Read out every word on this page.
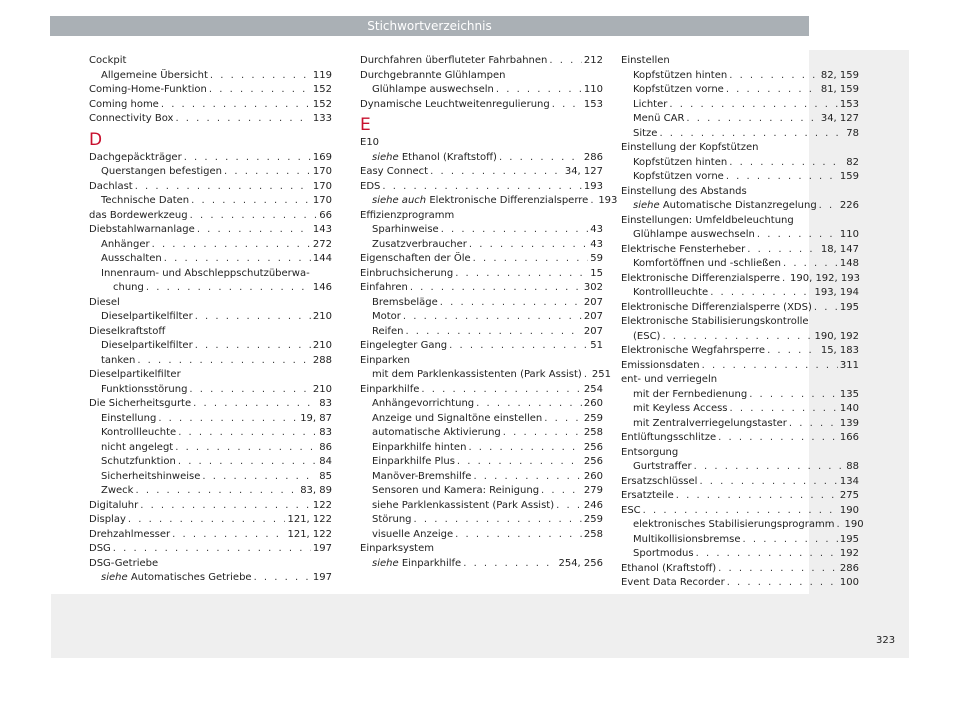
Stichwortverzeichnis
Cockpit
Allgemeine Übersicht . . .	119
Coming-Home-Funktion . . .	152
Coming home . . .	152
Connectivity Box . . .	133
D
Dachgepäckträger . . .	169
Querstangen befestigen . . .	170
Dachlast . . .	170
Technische Daten . . .	170
das Bordewerkzeug . . .	66
Diebstahlwarnanlage . . .	143
Anhänger . . .	272
Ausschalten . . .	144
Innenraum- und Abschleppschutzüberwa-
chung . . .	146
Diesel
Dieselpartikelfilter . . .	210
Dieselkraftstoff
Dieselpartikelfilter . . .	210
tanken . . .	288
Dieselpartikelfilter
Funktionsstörung . . .	210
Die Sicherheitsgurte . . .	83
Einstellung . . .	19, 87
Kontrollleuchte . . .	83
nicht angelegt . . .	86
Schutzfunktion . . .	84
Sicherheitshinweise . . .	85
Zweck . . .	83, 89
Digitaluhr . . .	122
Display . . .	121, 122
Drehzahlmesser . . .	121, 122
DSG . . .	197
DSG-Getriebe
siehe Automatisches Getriebe . . .	197
Durchfahren überfluteter Fahrbahnen . . .	212
Durchgebrannte Glühlampen
Glühlampe auswechseln . . .	110
Dynamische Leuchtweitenregulierung . . .	153
E
E10
siehe Ethanol (Kraftstoff) . . .	286
Easy Connect . . .	34, 127
EDS . . .	193
siehe auch Elektronische Differenzialsperre . . . 193
Effizienzprogramm
Sparhinweise . . .	43
Zusatzverbraucher . . .	43
Eigenschaften der Öle . . .	59
Einbruchsicherung . . .	15
Einfahren . . .	302
Bremsbeläge . . .	207
Motor . . .	207
Reifen . . .	207
Eingelegter Gang . . .	51
Einparken
mit dem Parklenkassistenten (Park Assist) . . . 251
Einparkhilfe . . .	254
Anhängevorrichtung . . .	260
Anzeige und Signaltöne einstellen . . .	259
automatische Aktivierung . . .	258
Einparkhilfe hinten . . .	256
Einparkhilfe Plus . . .	256
Manöver-Bremshilfe . . .	260
Sensoren und Kamera: Reinigung . . .	279
siehe Parklenkassistent (Park Assist) . . .	246
Störung . . .	259
visuelle Anzeige . . .	258
Einparksystem
siehe Einparkhilfe . . .	254, 256
Einstellen
Kopfstützen hinten . . .	82, 159
Kopfstützen vorne . . .	81, 159
Lichter . . .	153
Menü CAR . . .	34, 127
Sitze . . .	78
Einstellung der Kopfstützen
Kopfstützen hinten . . .	82
Kopfstützen vorne . . .	159
Einstellung des Abstands
siehe Automatische Distanzregelung . . . 226
Einstellungen: Umfeldbeleuchtung
Glühlampe auswechseln . . .	110
Elektrische Fensterheber . . .	18, 147
Komfortöffnen und -schließen . . .	148
Elektronische Differenzialsperre . . . 190, 192, 193
Kontrollleuchte . . .	193, 194
Elektronische Differenzialsperre (XDS) . . .	195
Elektronische Stabilisierungskontrolle
(ESC) . . .	190, 192
Elektronische Wegfahrsperre . . .	15, 183
Emissionsdaten . . .	311
ent- und verriegeln
mit der Fernbedienung . . .	135
mit Keyless Access . . .	140
mit Zentralverriegelungstaster . . .	139
Entlüftungsschlitze . . .	166
Entsorgung
Gurtstraffer . . .	88
Ersatzschlüssel . . .	134
Ersatzteile . . .	275
ESC . . .	190
elektronisches Stabilisierungsprogramm . . . 190
Multikollisionsbremse . . .	195
Sportmodus . . .	192
Ethanol (Kraftstoff) . . .	286
Event Data Recorder . . .	100
323
